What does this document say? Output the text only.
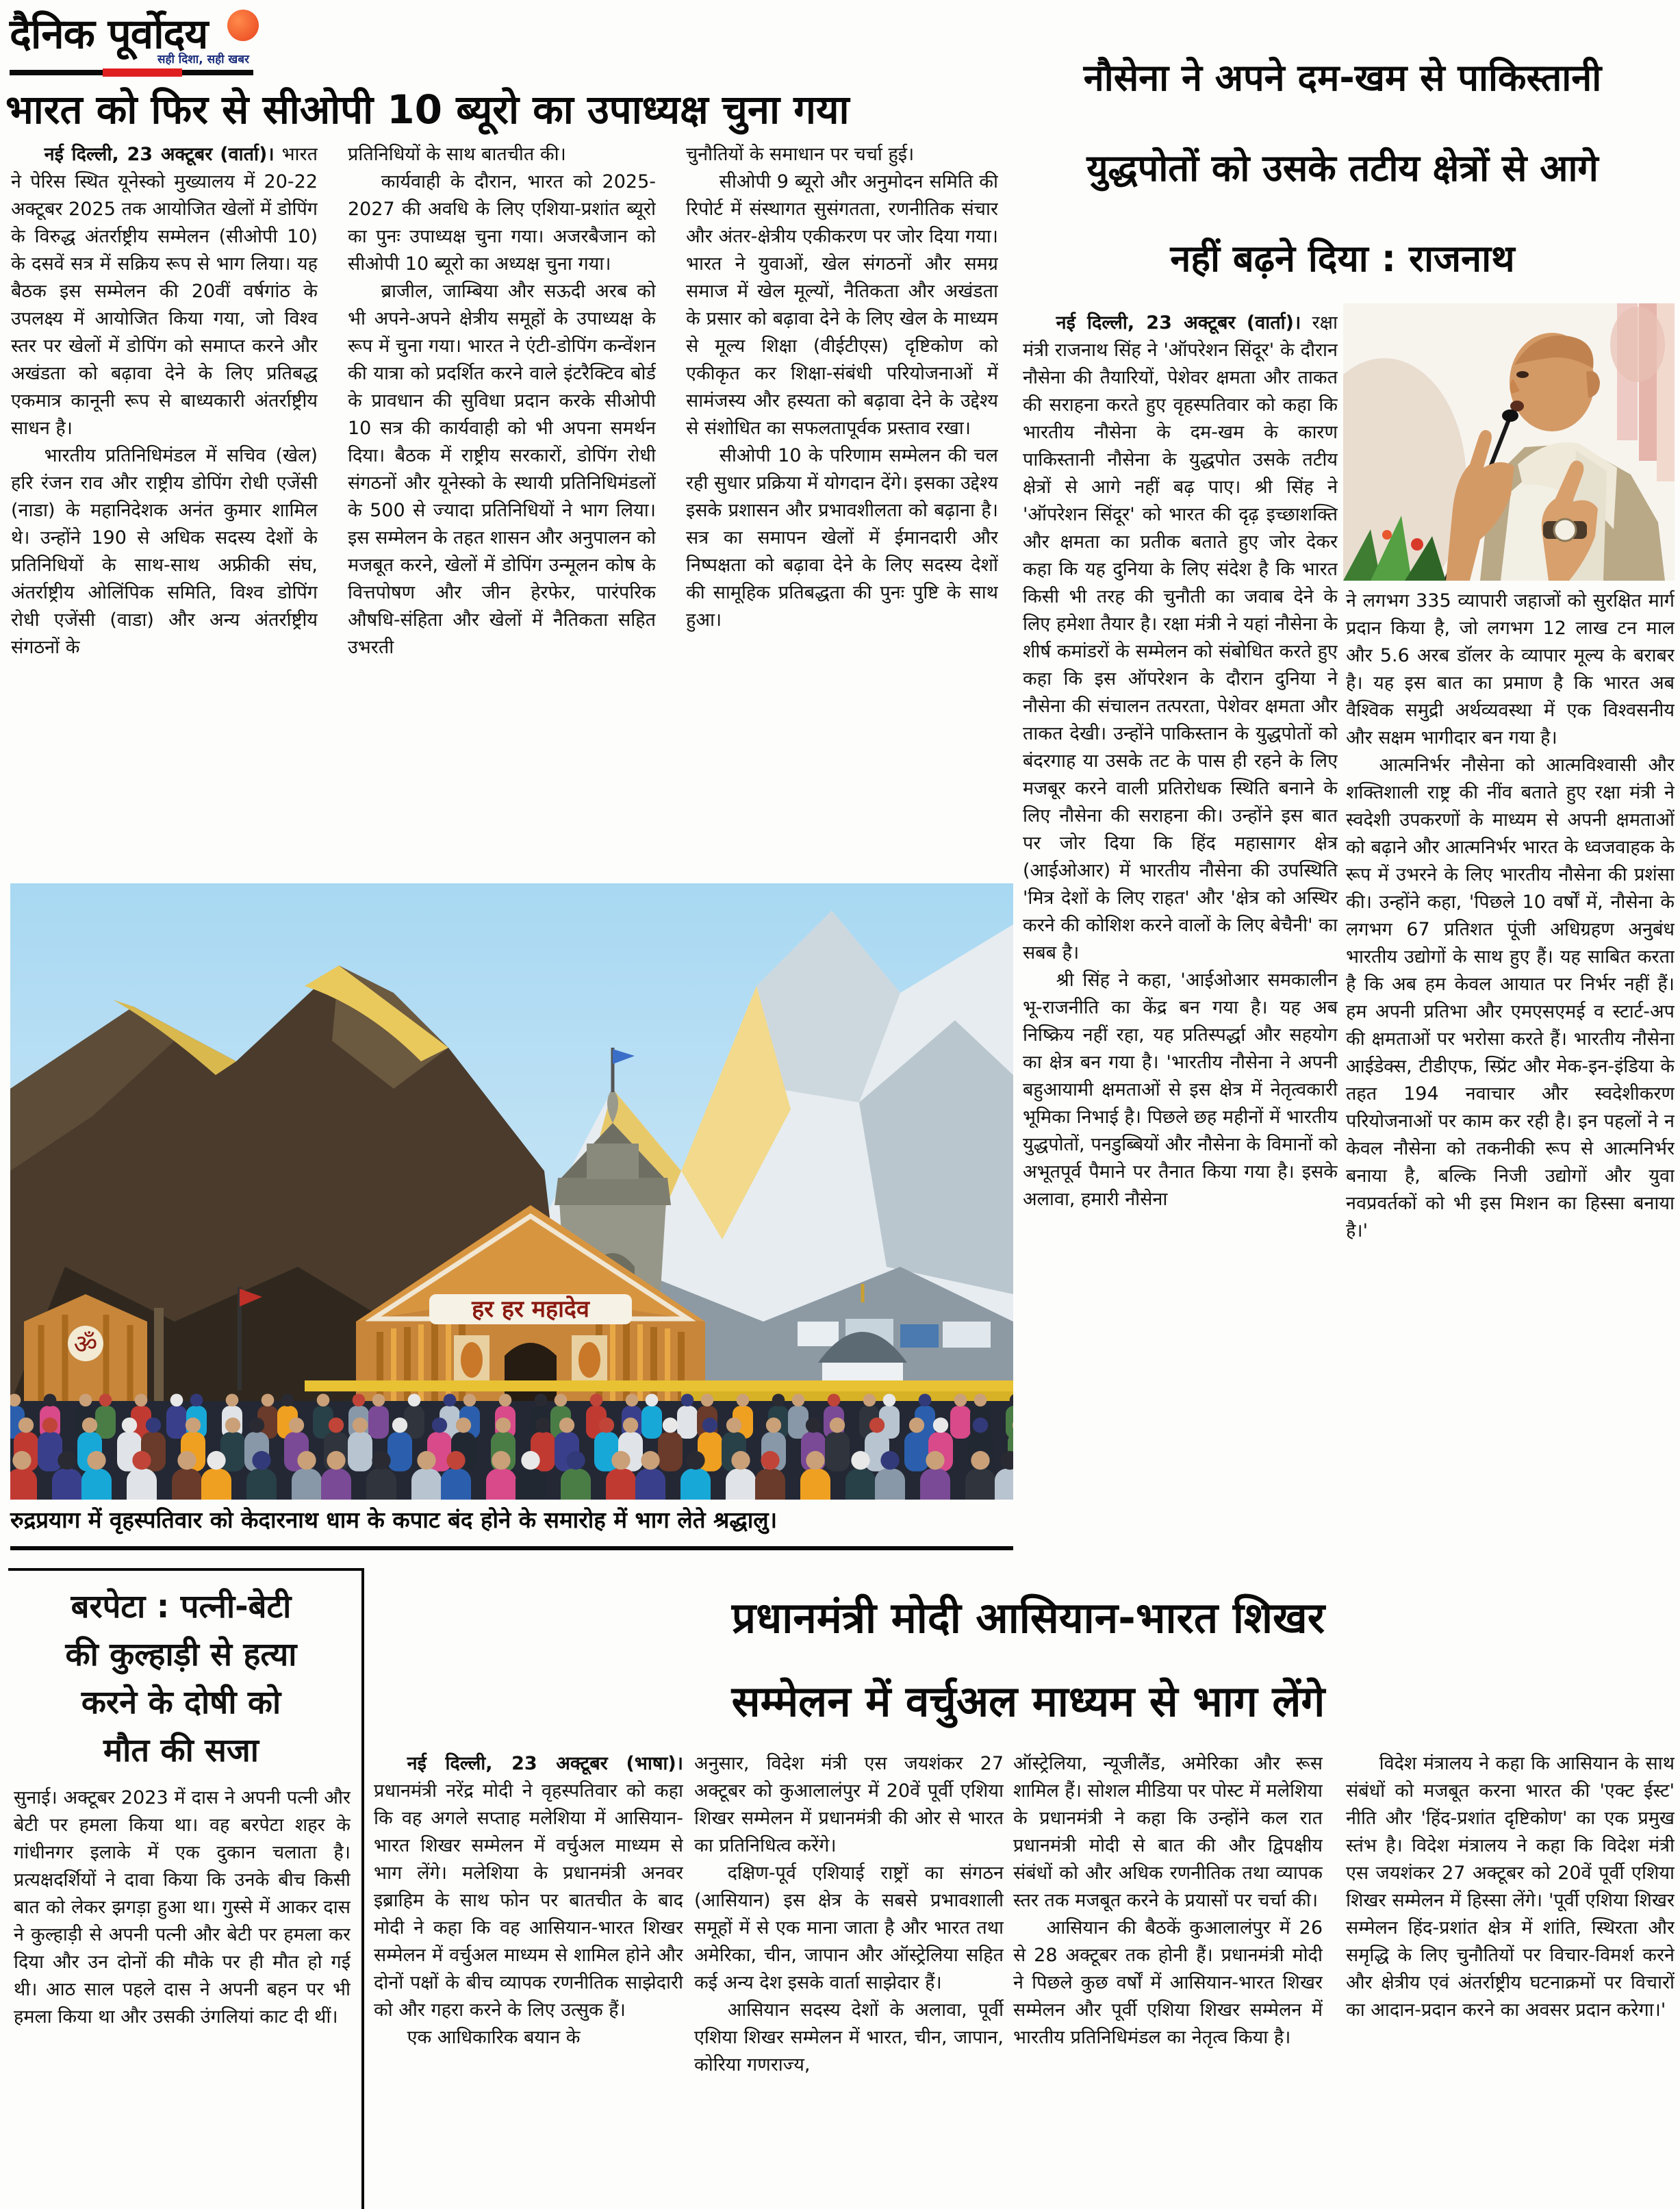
दैनिक पूर्वोदय
सही दिशा, सही खबर
भारत को फिर से सीओपी 10 ब्यूरो का उपाध्यक्ष चुना गया

नई दिल्ली, 23 अक्टूबर (वार्ता)। भारत ने पेरिस स्थित यूनेस्को मुख्यालय में 20-22 अक्टूबर 2025 तक आयोजित खेलों में डोपिंग के विरुद्ध अंतर्राष्ट्रीय सम्मेलन (सीओपी 10) के दसवें सत्र में सक्रिय रूप से भाग लिया। यह बैठक इस सम्मेलन की 20वीं वर्षगांठ के उपलक्ष्य में आयोजित किया गया, जो विश्व स्तर पर खेलों में डोपिंग को समाप्त करने और अखंडता को बढ़ावा देने के लिए प्रतिबद्ध एकमात्र कानूनी रूप से बाध्यकारी अंतर्राष्ट्रीय साधन है।

भारतीय प्रतिनिधिमंडल में सचिव (खेल) हरि रंजन राव और राष्ट्रीय डोपिंग रोधी एजेंसी (नाडा) के महानिदेशक अनंत कुमार शामिल थे। उन्होंने 190 से अधिक सदस्य देशों के प्रतिनिधियों के साथ-साथ अफ्रीकी संघ, अंतर्राष्ट्रीय ओलिंपिक समिति, विश्व डोपिंग रोधी एजेंसी (वाडा) और अन्य अंतर्राष्ट्रीय संगठनों के

प्रतिनिधियों के साथ बातचीत की।

कार्यवाही के दौरान, भारत को 2025-2027 की अवधि के लिए एशिया-प्रशांत ब्यूरो का पुनः उपाध्यक्ष चुना गया। अजरबैजान को सीओपी 10 ब्यूरो का अध्यक्ष चुना गया।

ब्राजील, जाम्बिया और सऊदी अरब को भी अपने-अपने क्षेत्रीय समूहों के उपाध्यक्ष के रूप में चुना गया। भारत ने एंटी-डोपिंग कन्वेंशन की यात्रा को प्रदर्शित करने वाले इंटरैक्टिव बोर्ड के प्रावधान की सुविधा प्रदान करके सीओपी 10 सत्र की कार्यवाही को भी अपना समर्थन दिया। बैठक में राष्ट्रीय सरकारों, डोपिंग रोधी संगठनों और यूनेस्को के स्थायी प्रतिनिधिमंडलों के 500 से ज्यादा प्रतिनिधियों ने भाग लिया। इस सम्मेलन के तहत शासन और अनुपालन को मजबूत करने, खेलों में डोपिंग उन्मूलन कोष के वित्तपोषण और जीन हेरफेर, पारंपरिक औषधि-संहिता और खेलों में नैतिकता सहित उभरती

चुनौतियों के समाधान पर चर्चा हुई।

सीओपी 9 ब्यूरो और अनुमोदन समिति की रिपोर्ट में संस्थागत सुसंगतता, रणनीतिक संचार और अंतर-क्षेत्रीय एकीकरण पर जोर दिया गया। भारत ने युवाओं, खेल संगठनों और समग्र समाज में खेल मूल्यों, नैतिकता और अखंडता के प्रसार को बढ़ावा देने के लिए खेल के माध्यम से मूल्य शिक्षा (वीईटीएस) दृष्टिकोण को एकीकृत कर शिक्षा-संबंधी परियोजनाओं में सामंजस्य और हस्यता को बढ़ावा देने के उद्देश्य से संशोधित का सफलतापूर्वक प्रस्ताव रखा।

सीओपी 10 के परिणाम सम्मेलन की चल रही सुधार प्रक्रिया में योगदान देंगे। इसका उद्देश्य इसके प्रशासन और प्रभावशीलता को बढ़ाना है। सत्र का समापन खेलों में ईमानदारी और निष्पक्षता को बढ़ावा देने के लिए सदस्य देशों की सामूहिक प्रतिबद्धता की पुनः पुष्टि के साथ हुआ।

नौसेना ने अपने दम-खम से पाकिस्तानी
युद्धपोतों को उसके तटीय क्षेत्रों से आगे
नहीं बढ़ने दिया : राजनाथ

नई दिल्ली, 23 अक्टूबर (वार्ता)। रक्षा मंत्री राजनाथ सिंह ने 'ऑपरेशन सिंदूर' के दौरान नौसेना की तैयारियों, पेशेवर क्षमता और ताकत की सराहना करते हुए वृहस्पतिवार को कहा कि भारतीय नौसेना के दम-खम के कारण पाकिस्तानी नौसेना के युद्धपोत उसके तटीय क्षेत्रों से आगे नहीं बढ़ पाए। श्री सिंह ने 'ऑपरेशन सिंदूर' को भारत की दृढ़ इच्छाशक्ति और क्षमता का प्रतीक बताते हुए जोर देकर कहा कि यह दुनिया के लिए संदेश है कि भारत किसी भी तरह की चुनौती का जवाब देने के लिए हमेशा तैयार है। रक्षा मंत्री ने यहां नौसेना के शीर्ष कमांडरों के सम्मेलन को संबोधित करते हुए कहा कि इस ऑपरेशन के दौरान दुनिया ने नौसेना की संचालन तत्परता, पेशेवर क्षमता और ताकत देखी। उन्होंने पाकिस्तान के युद्धपोतों को बंदरगाह या उसके तट के पास ही रहने के लिए मजबूर करने वाली प्रतिरोधक स्थिति बनाने के लिए नौसेना की सराहना की। उन्होंने इस बात पर जोर दिया कि हिंद महासागर क्षेत्र (आईओआर) में भारतीय नौसेना की उपस्थिति 'मित्र देशों के लिए राहत' और 'क्षेत्र को अस्थिर करने की कोशिश करने वालों के लिए बेचैनी' का सबब है।

श्री सिंह ने कहा, 'आईओआर समकालीन भू-राजनीति का केंद्र बन गया है। यह अब निष्क्रिय नहीं रहा, यह प्रतिस्पर्द्धा और सहयोग का क्षेत्र बन गया है। 'भारतीय नौसेना ने अपनी बहुआयामी क्षमताओं से इस क्षेत्र में नेतृत्वकारी भूमिका निभाई है। पिछले छह महीनों में भारतीय युद्धपोतों, पनडुब्बियों और नौसेना के विमानों को अभूतपूर्व पैमाने पर तैनात किया गया है। इसके अलावा, हमारी नौसेना

ने लगभग 335 व्यापारी जहाजों को सुरक्षित मार्ग प्रदान किया है, जो लगभग 12 लाख टन माल और 5.6 अरब डॉलर के व्यापार मूल्य के बराबर है। यह इस बात का प्रमाण है कि भारत अब वैश्विक समुद्री अर्थव्यवस्था में एक विश्वसनीय और सक्षम भागीदार बन गया है।

आत्मनिर्भर नौसेना को आत्मविश्वासी और शक्तिशाली राष्ट्र की नींव बताते हुए रक्षा मंत्री ने स्वदेशी उपकरणों के माध्यम से अपनी क्षमताओं को बढ़ाने और आत्मनिर्भर भारत के ध्वजवाहक के रूप में उभरने के लिए भारतीय नौसेना की प्रशंसा की। उन्होंने कहा, 'पिछले 10 वर्षों में, नौसेना के लगभग 67 प्रतिशत पूंजी अधिग्रहण अनुबंध भारतीय उद्योगों के साथ हुए हैं। यह साबित करता है कि अब हम केवल आयात पर निर्भर नहीं हैं। हम अपनी प्रतिभा और एमएसएमई व स्टार्ट-अप की क्षमताओं पर भरोसा करते हैं। भारतीय नौसेना आईडेक्स, टीडीएफ, स्प्रिंट और मेक-इन-इंडिया के तहत 194 नवाचार और स्वदेशीकरण परियोजनाओं पर काम कर रही है। इन पहलों ने न केवल नौसेना को तकनीकी रूप से आत्मनिर्भर बनाया है, बल्कि निजी उद्योगों और युवा नवप्रवर्तकों को भी इस मिशन का हिस्सा बनाया है।'

हर हर महादेव
ॐ
रुद्रप्रयाग में वृहस्पतिवार को केदारनाथ धाम के कपाट बंद होने के समारोह में भाग लेते श्रद्धालु।
बरपेटा : पत्नी-बेटी
की कुल्हाड़ी से हत्या
करने के दोषी को
मौत की सजा

सुनाई। अक्टूबर 2023 में दास ने अपनी पत्नी और बेटी पर हमला किया था। वह बरपेटा शहर के गांधीनगर इलाके में एक दुकान चलाता है। प्रत्यक्षदर्शियों ने दावा किया कि उनके बीच किसी बात को लेकर झगड़ा हुआ था। गुस्से में आकर दास ने कुल्हाड़ी से अपनी पत्नी और बेटी पर हमला कर दिया और उन दोनों की मौके पर ही मौत हो गई थी। आठ साल पहले दास ने अपनी बहन पर भी हमला किया था और उसकी उंगलियां काट दी थीं।

प्रधानमंत्री मोदी आसियान-भारत शिखर
सम्मेलन में वर्चुअल माध्यम से भाग लेंगे

नई दिल्ली, 23 अक्टूबर (भाषा)। प्रधानमंत्री नरेंद्र मोदी ने वृहस्पतिवार को कहा कि वह अगले सप्ताह मलेशिया में आसियान-भारत शिखर सम्मेलन में वर्चुअल माध्यम से भाग लेंगे। मलेशिया के प्रधानमंत्री अनवर इब्राहिम के साथ फोन पर बातचीत के बाद मोदी ने कहा कि वह आसियान-भारत शिखर सम्मेलन में वर्चुअल माध्यम से शामिल होने और दोनों पक्षों के बीच व्यापक रणनीतिक साझेदारी को और गहरा करने के लिए उत्सुक हैं।

एक आधिकारिक बयान के

अनुसार, विदेश मंत्री एस जयशंकर 27 अक्टूबर को कुआलालंपुर में 20वें पूर्वी एशिया शिखर सम्मेलन में प्रधानमंत्री की ओर से भारत का प्रतिनिधित्व करेंगे।

दक्षिण-पूर्व एशियाई राष्ट्रों का संगठन (आसियान) इस क्षेत्र के सबसे प्रभावशाली समूहों में से एक माना जाता है और भारत तथा अमेरिका, चीन, जापान और ऑस्ट्रेलिया सहित कई अन्य देश इसके वार्ता साझेदार हैं।

आसियान सदस्य देशों के अलावा, पूर्वी एशिया शिखर सम्मेलन में भारत, चीन, जापान, कोरिया गणराज्य,

ऑस्ट्रेलिया, न्यूजीलैंड, अमेरिका और रूस शामिल हैं। सोशल मीडिया पर पोस्ट में मलेशिया के प्रधानमंत्री ने कहा कि उन्होंने कल रात प्रधानमंत्री मोदी से बात की और द्विपक्षीय संबंधों को और अधिक रणनीतिक तथा व्यापक स्तर तक मजबूत करने के प्रयासों पर चर्चा की।

आसियान की बैठकें कुआलालंपुर में 26 से 28 अक्टूबर तक होनी हैं। प्रधानमंत्री मोदी ने पिछले कुछ वर्षों में आसियान-भारत शिखर सम्मेलन और पूर्वी एशिया शिखर सम्मेलन में भारतीय प्रतिनिधिमंडल का नेतृत्व किया है।

विदेश मंत्रालय ने कहा कि आसियान के साथ संबंधों को मजबूत करना भारत की 'एक्ट ईस्ट' नीति और 'हिंद-प्रशांत दृष्टिकोण' का एक प्रमुख स्तंभ है। विदेश मंत्रालय ने कहा कि विदेश मंत्री एस जयशंकर 27 अक्टूबर को 20वें पूर्वी एशिया शिखर सम्मेलन में हिस्सा लेंगे। 'पूर्वी एशिया शिखर सम्मेलन हिंद-प्रशांत क्षेत्र में शांति, स्थिरता और समृद्धि के लिए चुनौतियों पर विचार-विमर्श करने और क्षेत्रीय एवं अंतर्राष्ट्रीय घटनाक्रमों पर विचारों का आदान-प्रदान करने का अवसर प्रदान करेगा।'
